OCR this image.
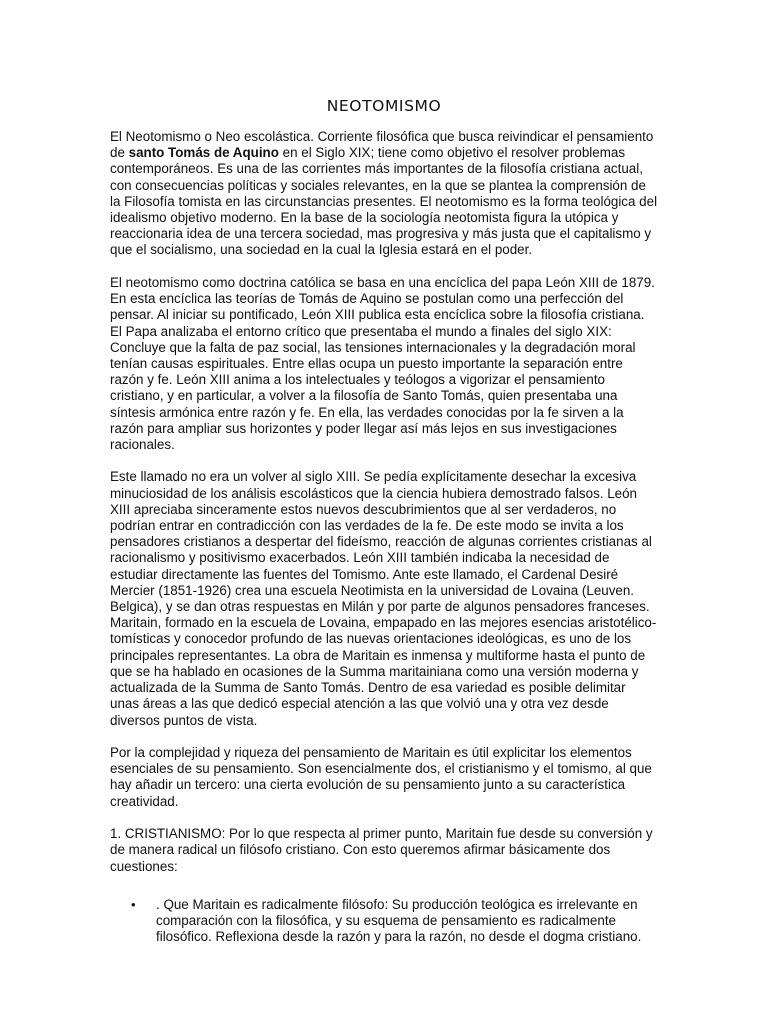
NEOTOMISMO

El Neotomismo o Neo escolástica. Corriente filosófica que busca reivindicar el pensamiento de santo Tomás de Aquino en el Siglo XIX; tiene como objetivo el resolver problemas contemporáneos. Es una de las corrientes más importantes de la filosofía cristiana actual, con consecuencias políticas y sociales relevantes, en la que se plantea la comprensión de la Filosofía tomista en las circunstancias presentes. El neotomismo es la forma teológica del idealismo objetivo moderno. En la base de la sociología neotomista figura la utópica y reaccionaria idea de una tercera sociedad, mas progresiva y más justa que el capitalismo y que el socialismo, una sociedad en la cual la Iglesia estará en el poder.

El neotomismo como doctrina católica se basa en una encíclica del papa León XIII de 1879. En esta encíclica las teorías de Tomás de Aquino se postulan como una perfección del pensar. Al iniciar su pontificado, León XIII publica esta encíclica sobre la filosofía cristiana. El Papa analizaba el entorno crítico que presentaba el mundo a finales del siglo XIX: Concluye que la falta de paz social, las tensiones internacionales y la degradación moral tenían causas espirituales. Entre ellas ocupa un puesto importante la separación entre razón y fe. León XIII anima a los intelectuales y teólogos a vigorizar el pensamiento cristiano, y en particular, a volver a la filosofía de Santo Tomás, quien presentaba una síntesis armónica entre razón y fe. En ella, las verdades conocidas por la fe sirven a la razón para ampliar sus horizontes y poder llegar así más lejos en sus investigaciones racionales.

Este llamado no era un volver al siglo XIII. Se pedía explícitamente desechar la excesiva minuciosidad de los análisis escolásticos que la ciencia hubiera demostrado falsos. León XIII apreciaba sinceramente estos nuevos descubrimientos que al ser verdaderos, no podrían entrar en contradicción con las verdades de la fe. De este modo se invita a los pensadores cristianos a despertar del fideísmo, reacción de algunas corrientes cristianas al racionalismo y positivismo exacerbados. León XIII también indicaba la necesidad de estudiar directamente las fuentes del Tomismo. Ante este llamado, el Cardenal Desiré Mercier (1851-1926) crea una escuela Neotimista en la universidad de Lovaina (Leuven. Belgica), y se dan otras respuestas en Milán y por parte de algunos pensadores franceses. Maritain, formado en la escuela de Lovaina, empapado en las mejores esencias aristotélico-tomísticas y conocedor profundo de las nuevas orientaciones ideológicas, es uno de los principales representantes. La obra de Maritain es inmensa y multiforme hasta el punto de que se ha hablado en ocasiones de la Summa maritainiana como una versión moderna y actualizada de la Summa de Santo Tomás. Dentro de esa variedad es posible delimitar unas áreas a las que dedicó especial atención a las que volvió una y otra vez desde diversos puntos de vista.

Por la complejidad y riqueza del pensamiento de Maritain es útil explicitar los elementos esenciales de su pensamiento. Son esencialmente dos, el cristianismo y el tomismo, al que hay añadir un tercero: una cierta evolución de su pensamiento junto a su característica creatividad.

1. CRISTIANISMO: Por lo que respecta al primer punto, Maritain fue desde su conversión y de manera radical un filósofo cristiano. Con esto queremos afirmar básicamente dos cuestiones:

• . Que Maritain es radicalmente filósofo: Su producción teológica es irrelevante en comparación con la filosófica, y su esquema de pensamiento es radicalmente filosófico. Reflexiona desde la razón y para la razón, no desde el dogma cristiano.
